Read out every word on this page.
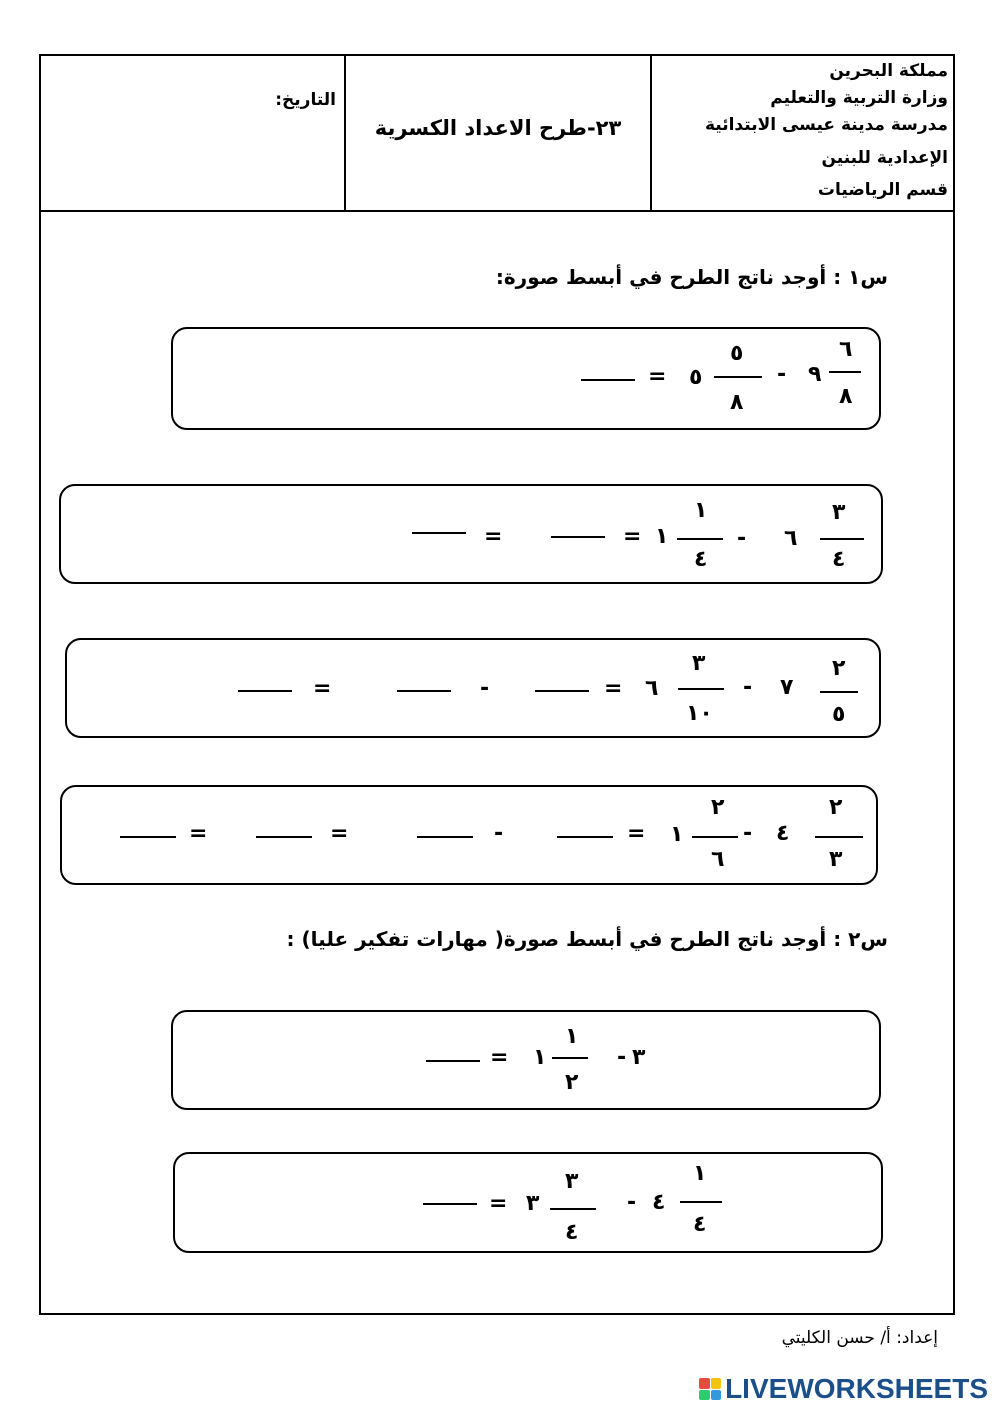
مملكة البحرين
وزارة التربية والتعليم
مدرسة مدينة عيسى الابتدائية
الإعدادية للبنين
قسم الرياضيات
٢٣-طرح الاعداد الكسرية
التاريخ:
س١ : أوجد ناتج الطرح في أبسط صورة:
٦
٨
٩
-
٥
٨
٥
=
٣
٤
٦
-
١
٤
١
=
=
٢
٥
٧
-
٣
١٠
٦
=
-
=
٢
٣
٤
-
٢
٦
١
=
-
=
=
س٢ : أوجد ناتج الطرح في أبسط صورة( مهارات تفكير عليا) :
٣
-
١
٢
١
=
١
٤
٤
-
٣
٤
٣
=
إعداد: أ/ حسن الكليتي
LIVEWORKSHEETS
